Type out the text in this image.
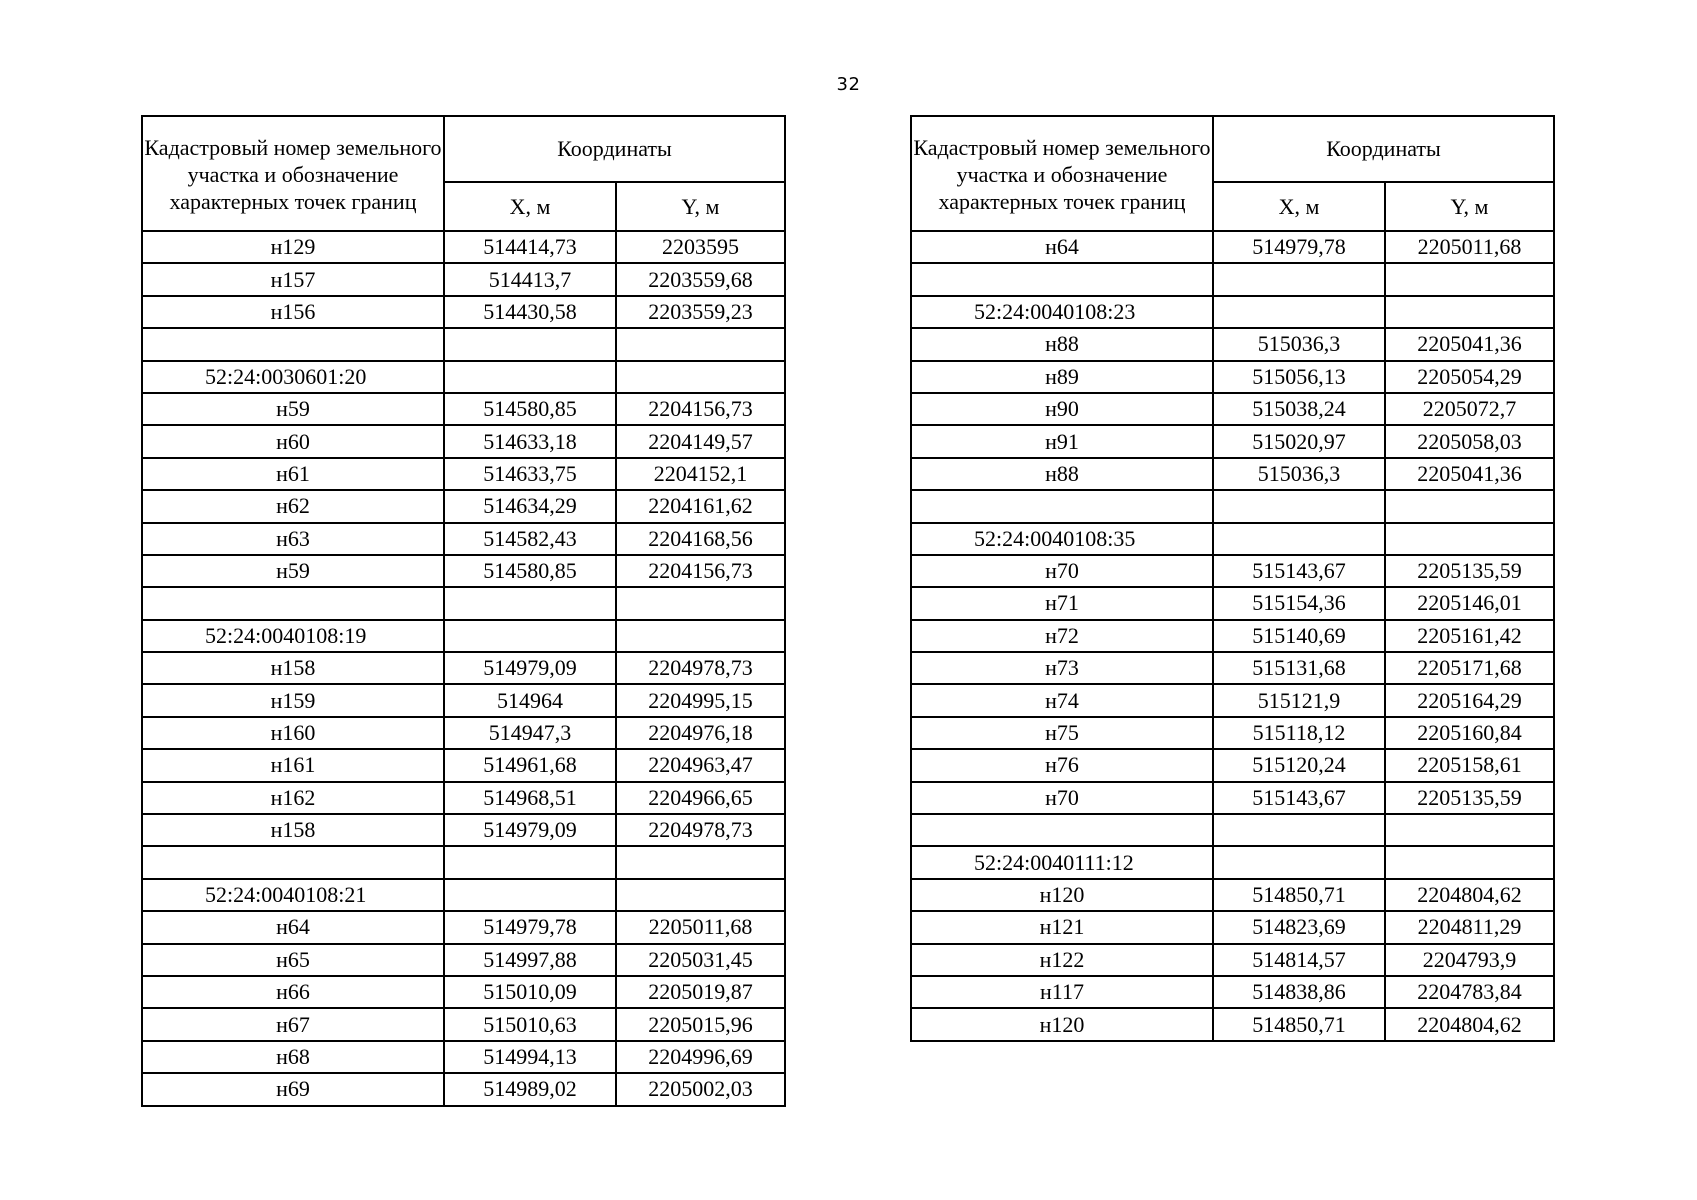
32
Кадастровый номер земельного участка и обозначение характерных точек границ	Координаты	
	X, м	Y, м
н129	514414,73	2203595
н157	514413,7	2203559,68
н156	514430,58	2203559,23

52:24:0030601:20		
н59	514580,85	2204156,73
н60	514633,18	2204149,57
н61	514633,75	2204152,1
н62	514634,29	2204161,62
н63	514582,43	2204168,56
н59	514580,85	2204156,73

52:24:0040108:19		
н158	514979,09	2204978,73
н159	514964	2204995,15
н160	514947,3	2204976,18
н161	514961,68	2204963,47
н162	514968,51	2204966,65
н158	514979,09	2204978,73

52:24:0040108:21		
н64	514979,78	2205011,68
н65	514997,88	2205031,45
н66	515010,09	2205019,87
н67	515010,63	2205015,96
н68	514994,13	2204996,69
н69	514989,02	2205002,03
Кадастровый номер земельного участка и обозначение характерных точек границ	Координаты	
	X, м	Y, м
н64	514979,78	2205011,68

52:24:0040108:23		
н88	515036,3	2205041,36
н89	515056,13	2205054,29
н90	515038,24	2205072,7
н91	515020,97	2205058,03
н88	515036,3	2205041,36

52:24:0040108:35		
н70	515143,67	2205135,59
н71	515154,36	2205146,01
н72	515140,69	2205161,42
н73	515131,68	2205171,68
н74	515121,9	2205164,29
н75	515118,12	2205160,84
н76	515120,24	2205158,61
н70	515143,67	2205135,59

52:24:0040111:12		
н120	514850,71	2204804,62
н121	514823,69	2204811,29
н122	514814,57	2204793,9
н117	514838,86	2204783,84
н120	514850,71	2204804,62
